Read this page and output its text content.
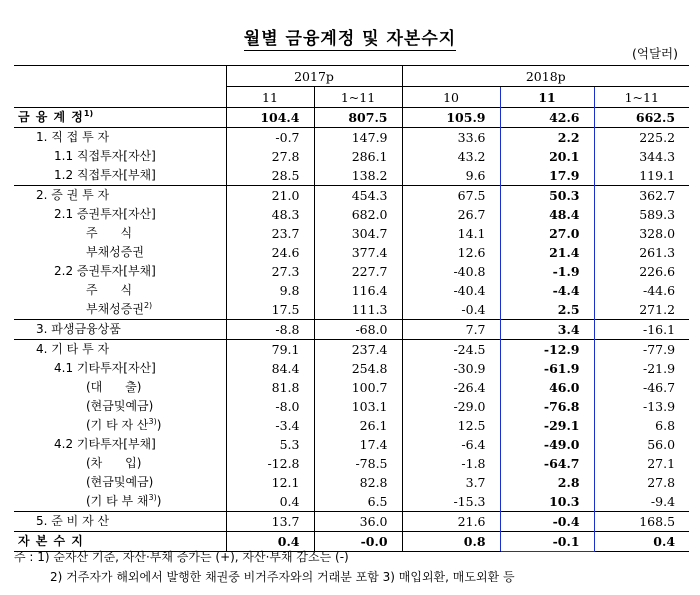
월별 금융계정 및 자본수지
(억달러)
	2017p		2018p		
	11	1~11	10	11	1~11
금 융 계 정$^{1)}$	104.4	807.5	105.9	42.6	662.5
1. 직 접 투 자	-0.7	147.9	33.6	2.2	225.2
1.1 직접투자[자산]	27.8	286.1	43.2	20.1	344.3
1.2 직접투자[부채]	28.5	138.2	9.6	17.9	119.1
2. 증 권 투 자	21.0	454.3	67.5	50.3	362.7
2.1 증권투자[자산]	48.3	682.0	26.7	48.4	589.3
주      식	23.7	304.7	14.1	27.0	328.0
부채성증권	24.6	377.4	12.6	21.4	261.3
2.2 증권투자[부채]	27.3	227.7	-40.8	-1.9	226.6
주      식	9.8	116.4	-40.4	-4.4	-44.6
부채성증권$^{2)}$	17.5	111.3	-0.4	2.5	271.2
3. 파생금융상품	-8.8	-68.0	7.7	3.4	-16.1
4. 기 타 투 자	79.1	237.4	-24.5	-12.9	-77.9
4.1 기타투자[자산]	84.4	254.8	-30.9	-61.9	-21.9
(대      출)	81.8	100.7	-26.4	46.0	-46.7
(현금및예금)	-8.0	103.1	-29.0	-76.8	-13.9
(기 타 자 산$^{3)}$)	-3.4	26.1	12.5	-29.1	6.8
4.2 기타투자[부채]	5.3	17.4	-6.4	-49.0	56.0
(차      입)	-12.8	-78.5	-1.8	-64.7	27.1
(현금및예금)	12.1	82.8	3.7	2.8	27.8
(기 타 부 채$^{3)}$)	0.4	6.5	-15.3	10.3	-9.4
5. 준 비 자 산	13.7	36.0	21.6	-0.4	168.5
자 본 수 지	0.4	-0.0	0.8	-0.1	0.4
주 : 1) 순자산 기준, 자산·부채 증가는 (+), 자산·부채 감소는 (-)
2) 거주자가 해외에서 발행한 채권중 비거주자와의 거래분 포함 3) 매입외환, 매도외환 등
